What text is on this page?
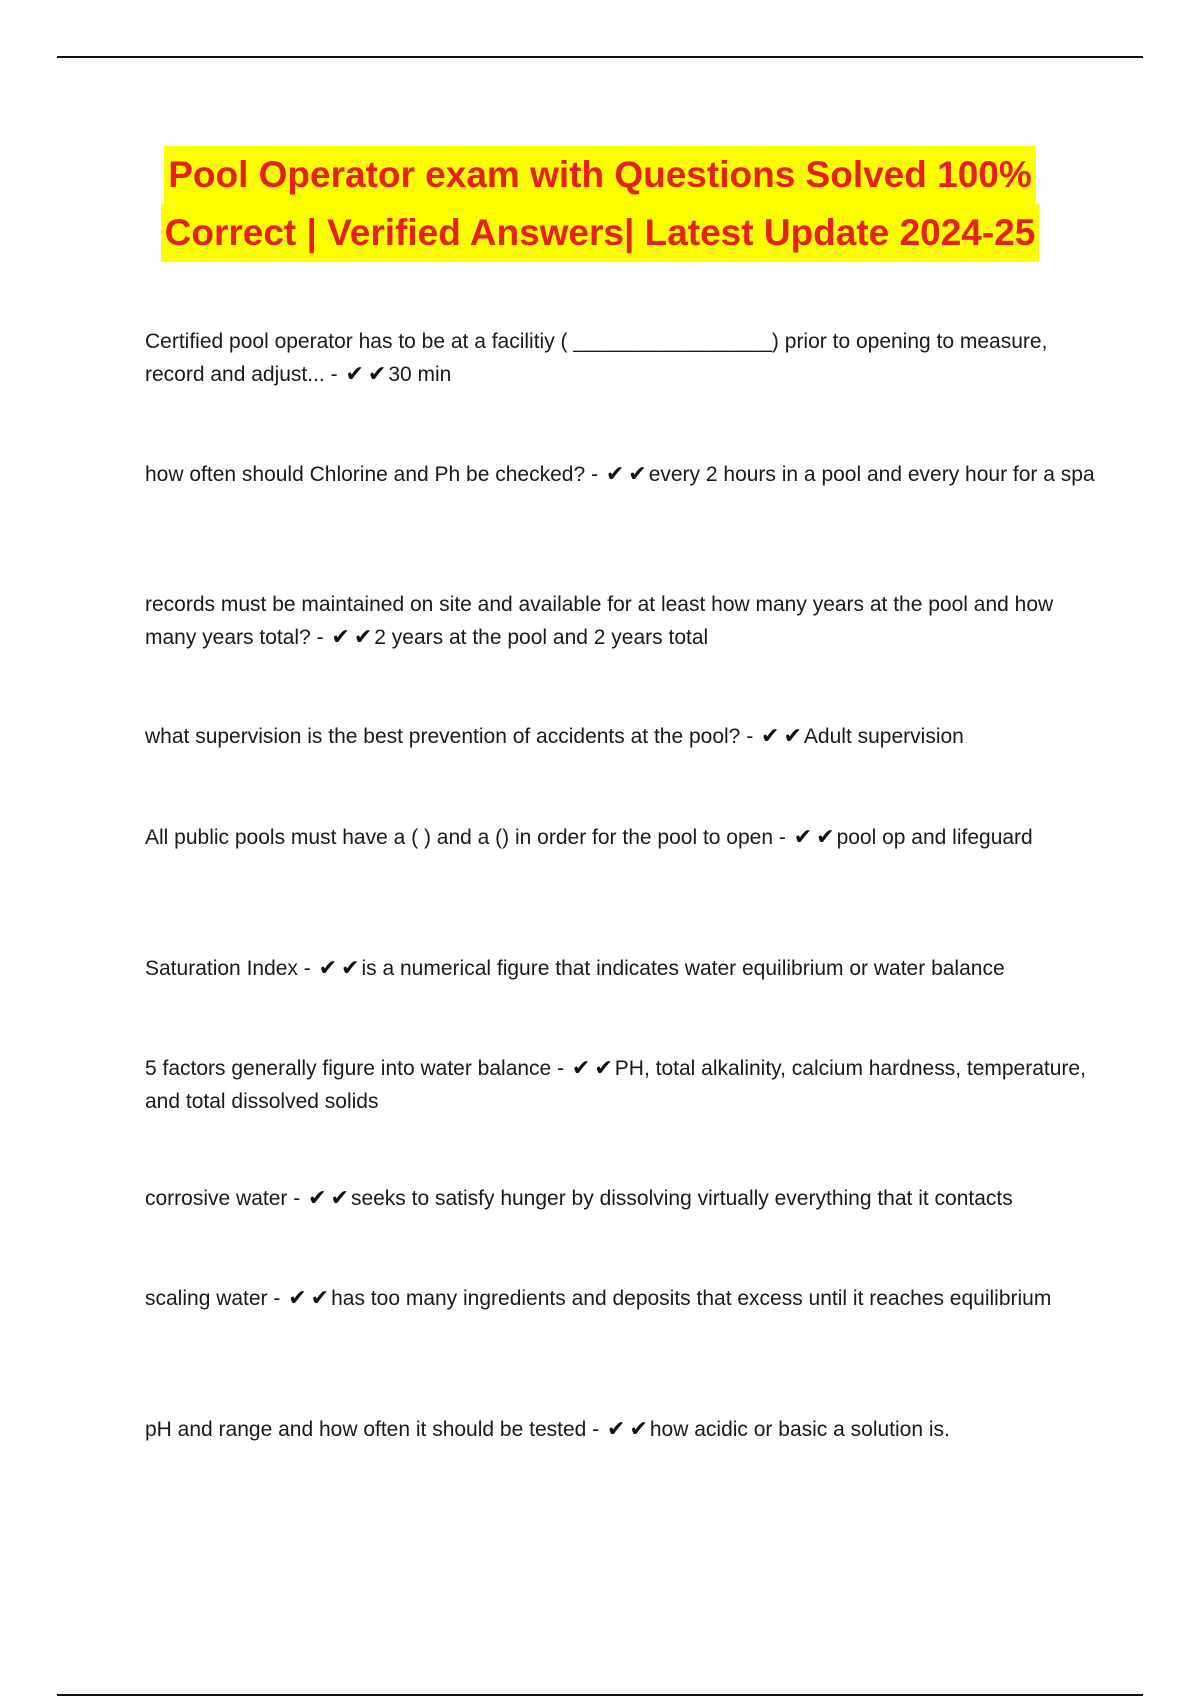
Pool Operator exam with Questions Solved 100%
Correct | Verified Answers| Latest Update 2024-25
Certified pool operator has to be at a facilitiy ( _________________) prior to opening to measure, record and adjust... - ✔ ✔30 min
how often should Chlorine and Ph be checked? - ✔ ✔every 2 hours in a pool and every hour for a spa
records must be maintained on site and available for at least how many years at the pool and how many years total? - ✔ ✔2 years at the pool and 2 years total
what supervision is the best prevention of accidents at the pool? - ✔ ✔Adult supervision
All public pools must have a ( ) and a () in order for the pool to open - ✔ ✔pool op and lifeguard
Saturation Index - ✔ ✔is a numerical figure that indicates water equilibrium or water balance
5 factors generally figure into water balance - ✔ ✔PH, total alkalinity, calcium hardness, temperature, and total dissolved solids
corrosive water - ✔ ✔seeks to satisfy hunger by dissolving virtually everything that it contacts
scaling water - ✔ ✔has too many ingredients and deposits that excess until it reaches equilibrium
pH and range and how often it should be tested - ✔ ✔how acidic or basic a solution is.
